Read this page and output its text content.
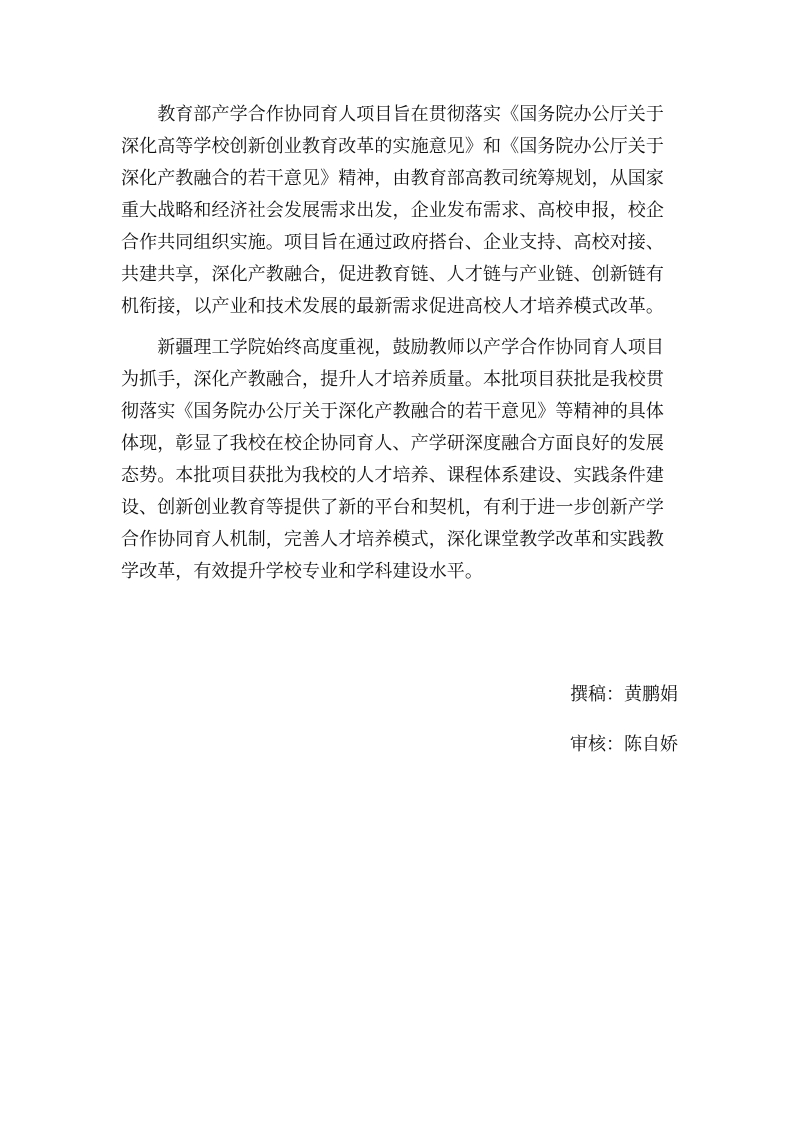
　　教育部产学合作协同育人项目旨在贯彻落实《国务院办公厅关于
深化高等学校创新创业教育改革的实施意见》和《国务院办公厅关于
深化产教融合的若干意见》精神，由教育部高教司统筹规划，从国家
重大战略和经济社会发展需求出发，企业发布需求、高校申报，校企
合作共同组织实施。项目旨在通过政府搭台、企业支持、高校对接、
共建共享，深化产教融合，促进教育链、人才链与产业链、创新链有
机衔接，以产业和技术发展的最新需求促进高校人才培养模式改革。
　　新疆理工学院始终高度重视，鼓励教师以产学合作协同育人项目
为抓手，深化产教融合，提升人才培养质量。本批项目获批是我校贯
彻落实《国务院办公厅关于深化产教融合的若干意见》等精神的具体
体现，彰显了我校在校企协同育人、产学研深度融合方面良好的发展
态势。本批项目获批为我校的人才培养、课程体系建设、实践条件建
设、创新创业教育等提供了新的平台和契机，有利于进一步创新产学
合作协同育人机制，完善人才培养模式，深化课堂教学改革和实践教
学改革，有效提升学校专业和学科建设水平。
撰稿：黄鹏娟
审核：陈自娇
